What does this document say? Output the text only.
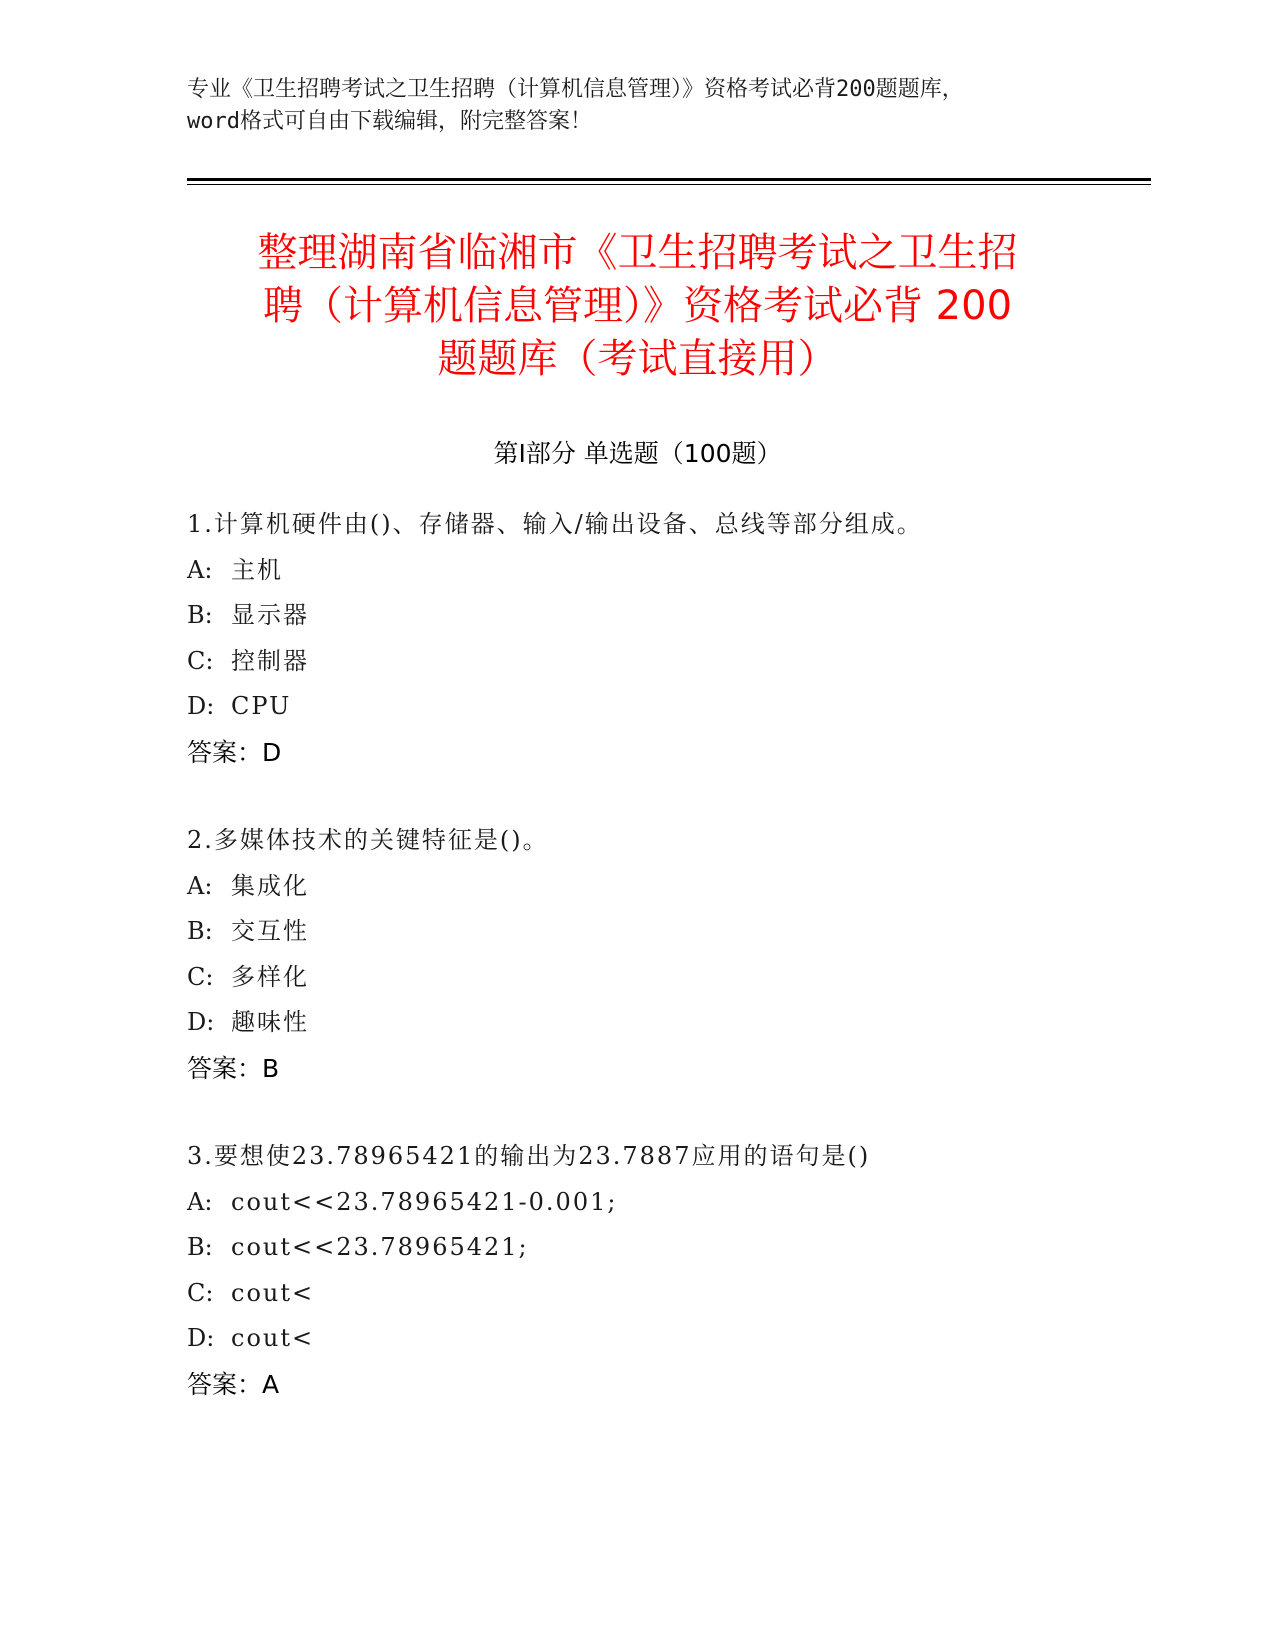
专业《卫生招聘考试之卫生招聘（计算机信息管理）》资格考试必背200题题库，
word格式可自由下载编辑，附完整答案！
整理湖南省临湘市《卫生招聘考试之卫生招
聘（计算机信息管理）》资格考试必背 200
题题库（考试直接用）
第Ⅰ部分 单选题（100题）
1.计算机硬件由()、存储器、输入/输出设备、总线等部分组成。
A: 主机
B: 显示器
C: 控制器
D: CPU
答案：D
2.多媒体技术的关键特征是()。
A: 集成化
B: 交互性
C: 多样化
D: 趣味性
答案：B
3.要想使23.78965421的输出为23.7887应用的语句是()
A: cout<<23.78965421-0.001;
B: cout<<23.78965421;
C: cout<
D: cout<
答案：A
